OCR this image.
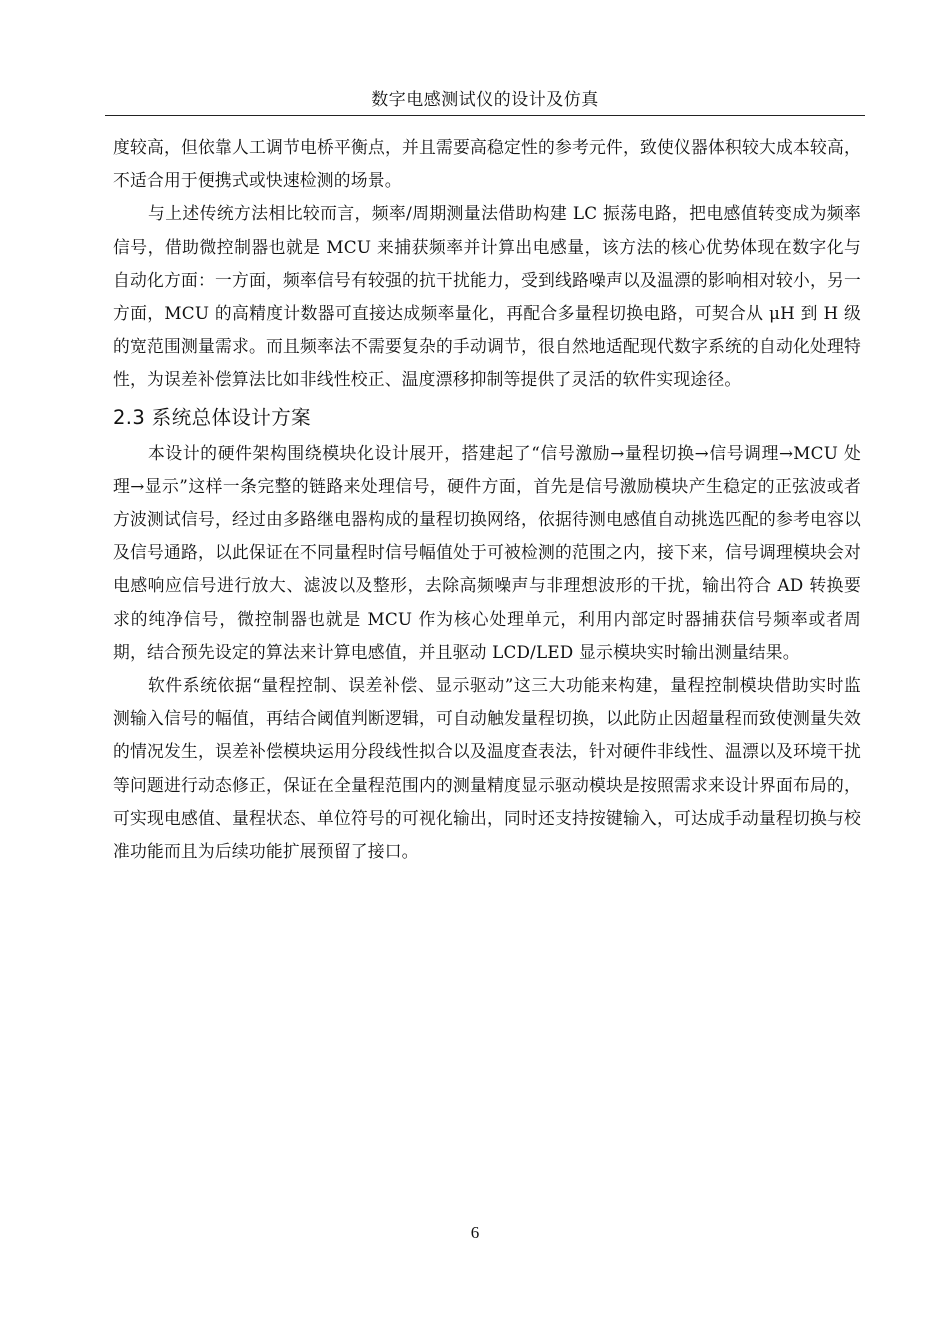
数字电感测试仪的设计及仿真

度较高，但依靠人工调节电桥平衡点，并且需要高稳定性的参考元件，致使仪器体积较大成本较高，不适合用于便携式或快速检测的场景。

与上述传统方法相比较而言，频率/周期测量法借助构建 LC 振荡电路，把电感值转变成为频率信号，借助微控制器也就是 MCU 来捕获频率并计算出电感量，该方法的核心优势体现在数字化与自动化方面：一方面，频率信号有较强的抗干扰能力，受到线路噪声以及温漂的影响相对较小，另一方面，MCU 的高精度计数器可直接达成频率量化，再配合多量程切换电路，可契合从 μH 到 H 级的宽范围测量需求。而且频率法不需要复杂的手动调节，很自然地适配现代数字系统的自动化处理特性，为误差补偿算法比如非线性校正、温度漂移抑制等提供了灵活的软件实现途径。

2.3 系统总体设计方案

本设计的硬件架构围绕模块化设计展开，搭建起了“信号激励→量程切换→信号调理→MCU 处理→显示”这样一条完整的链路来处理信号，硬件方面，首先是信号激励模块产生稳定的正弦波或者方波测试信号，经过由多路继电器构成的量程切换网络，依据待测电感值自动挑选匹配的参考电容以及信号通路，以此保证在不同量程时信号幅值处于可被检测的范围之内，接下来，信号调理模块会对电感响应信号进行放大、滤波以及整形，去除高频噪声与非理想波形的干扰，输出符合 AD 转换要求的纯净信号，微控制器也就是 MCU 作为核心处理单元，利用内部定时器捕获信号频率或者周期，结合预先设定的算法来计算电感值，并且驱动 LCD/LED 显示模块实时输出测量结果。

软件系统依据“量程控制、误差补偿、显示驱动”这三大功能来构建，量程控制模块借助实时监测输入信号的幅值，再结合阈值判断逻辑，可自动触发量程切换，以此防止因超量程而致使测量失效的情况发生，误差补偿模块运用分段线性拟合以及温度查表法，针对硬件非线性、温漂以及环境干扰等问题进行动态修正，保证在全量程范围内的测量精度显示驱动模块是按照需求来设计界面布局的，可实现电感值、量程状态、单位符号的可视化输出，同时还支持按键输入，可达成手动量程切换与校准功能而且为后续功能扩展预留了接口。

6
